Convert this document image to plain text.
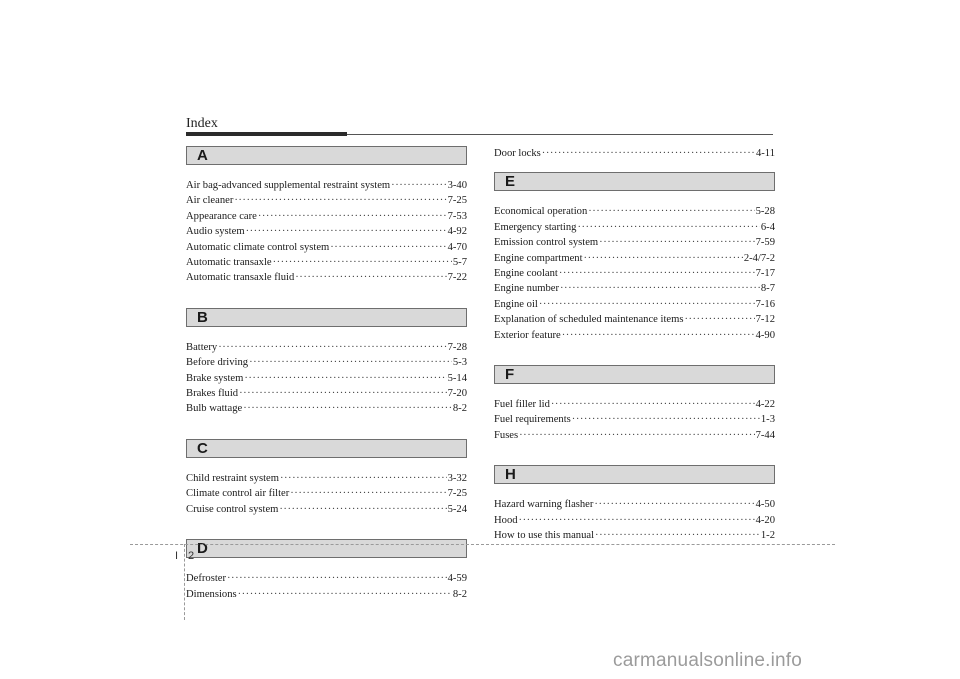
Index
A
Air bag-advanced supplemental restraint system ·····	3-40
Air cleaner ·····	7-25
Appearance care ·····	7-53
Audio system ·····	4-92
Automatic climate control system ·····	4-70
Automatic transaxle ·····	5-7
Automatic transaxle fluid ·····	7-22
B
Battery ·····	7-28
Before driving ·····	5-3
Brake system ·····	5-14
Brakes fluid ·····	7-20
Bulb wattage ·····	8-2
C
Child restraint system ·····	3-32
Climate control air filter ·····	7-25
Cruise control system ·····	5-24
D
Defroster ·····	4-59
Dimensions ·····	8-2
Door locks ·····	4-11
E
Economical operation ·····	5-28
Emergency starting ·····	6-4
Emission control system ·····	7-59
Engine compartment ·····	2-4/7-2
Engine coolant ·····	7-17
Engine number ·····	8-7
Engine oil ·····	7-16
Explanation of scheduled maintenance items ·····	7-12
Exterior feature ·····	4-90
F
Fuel filler lid ·····	4-22
Fuel requirements ·····	1-3
Fuses ·····	7-44
H
Hazard warning flasher ·····	4-50
Hood ·····	4-20
How to use this manual ·····	1-2
I 2
carmanualsonline.info
